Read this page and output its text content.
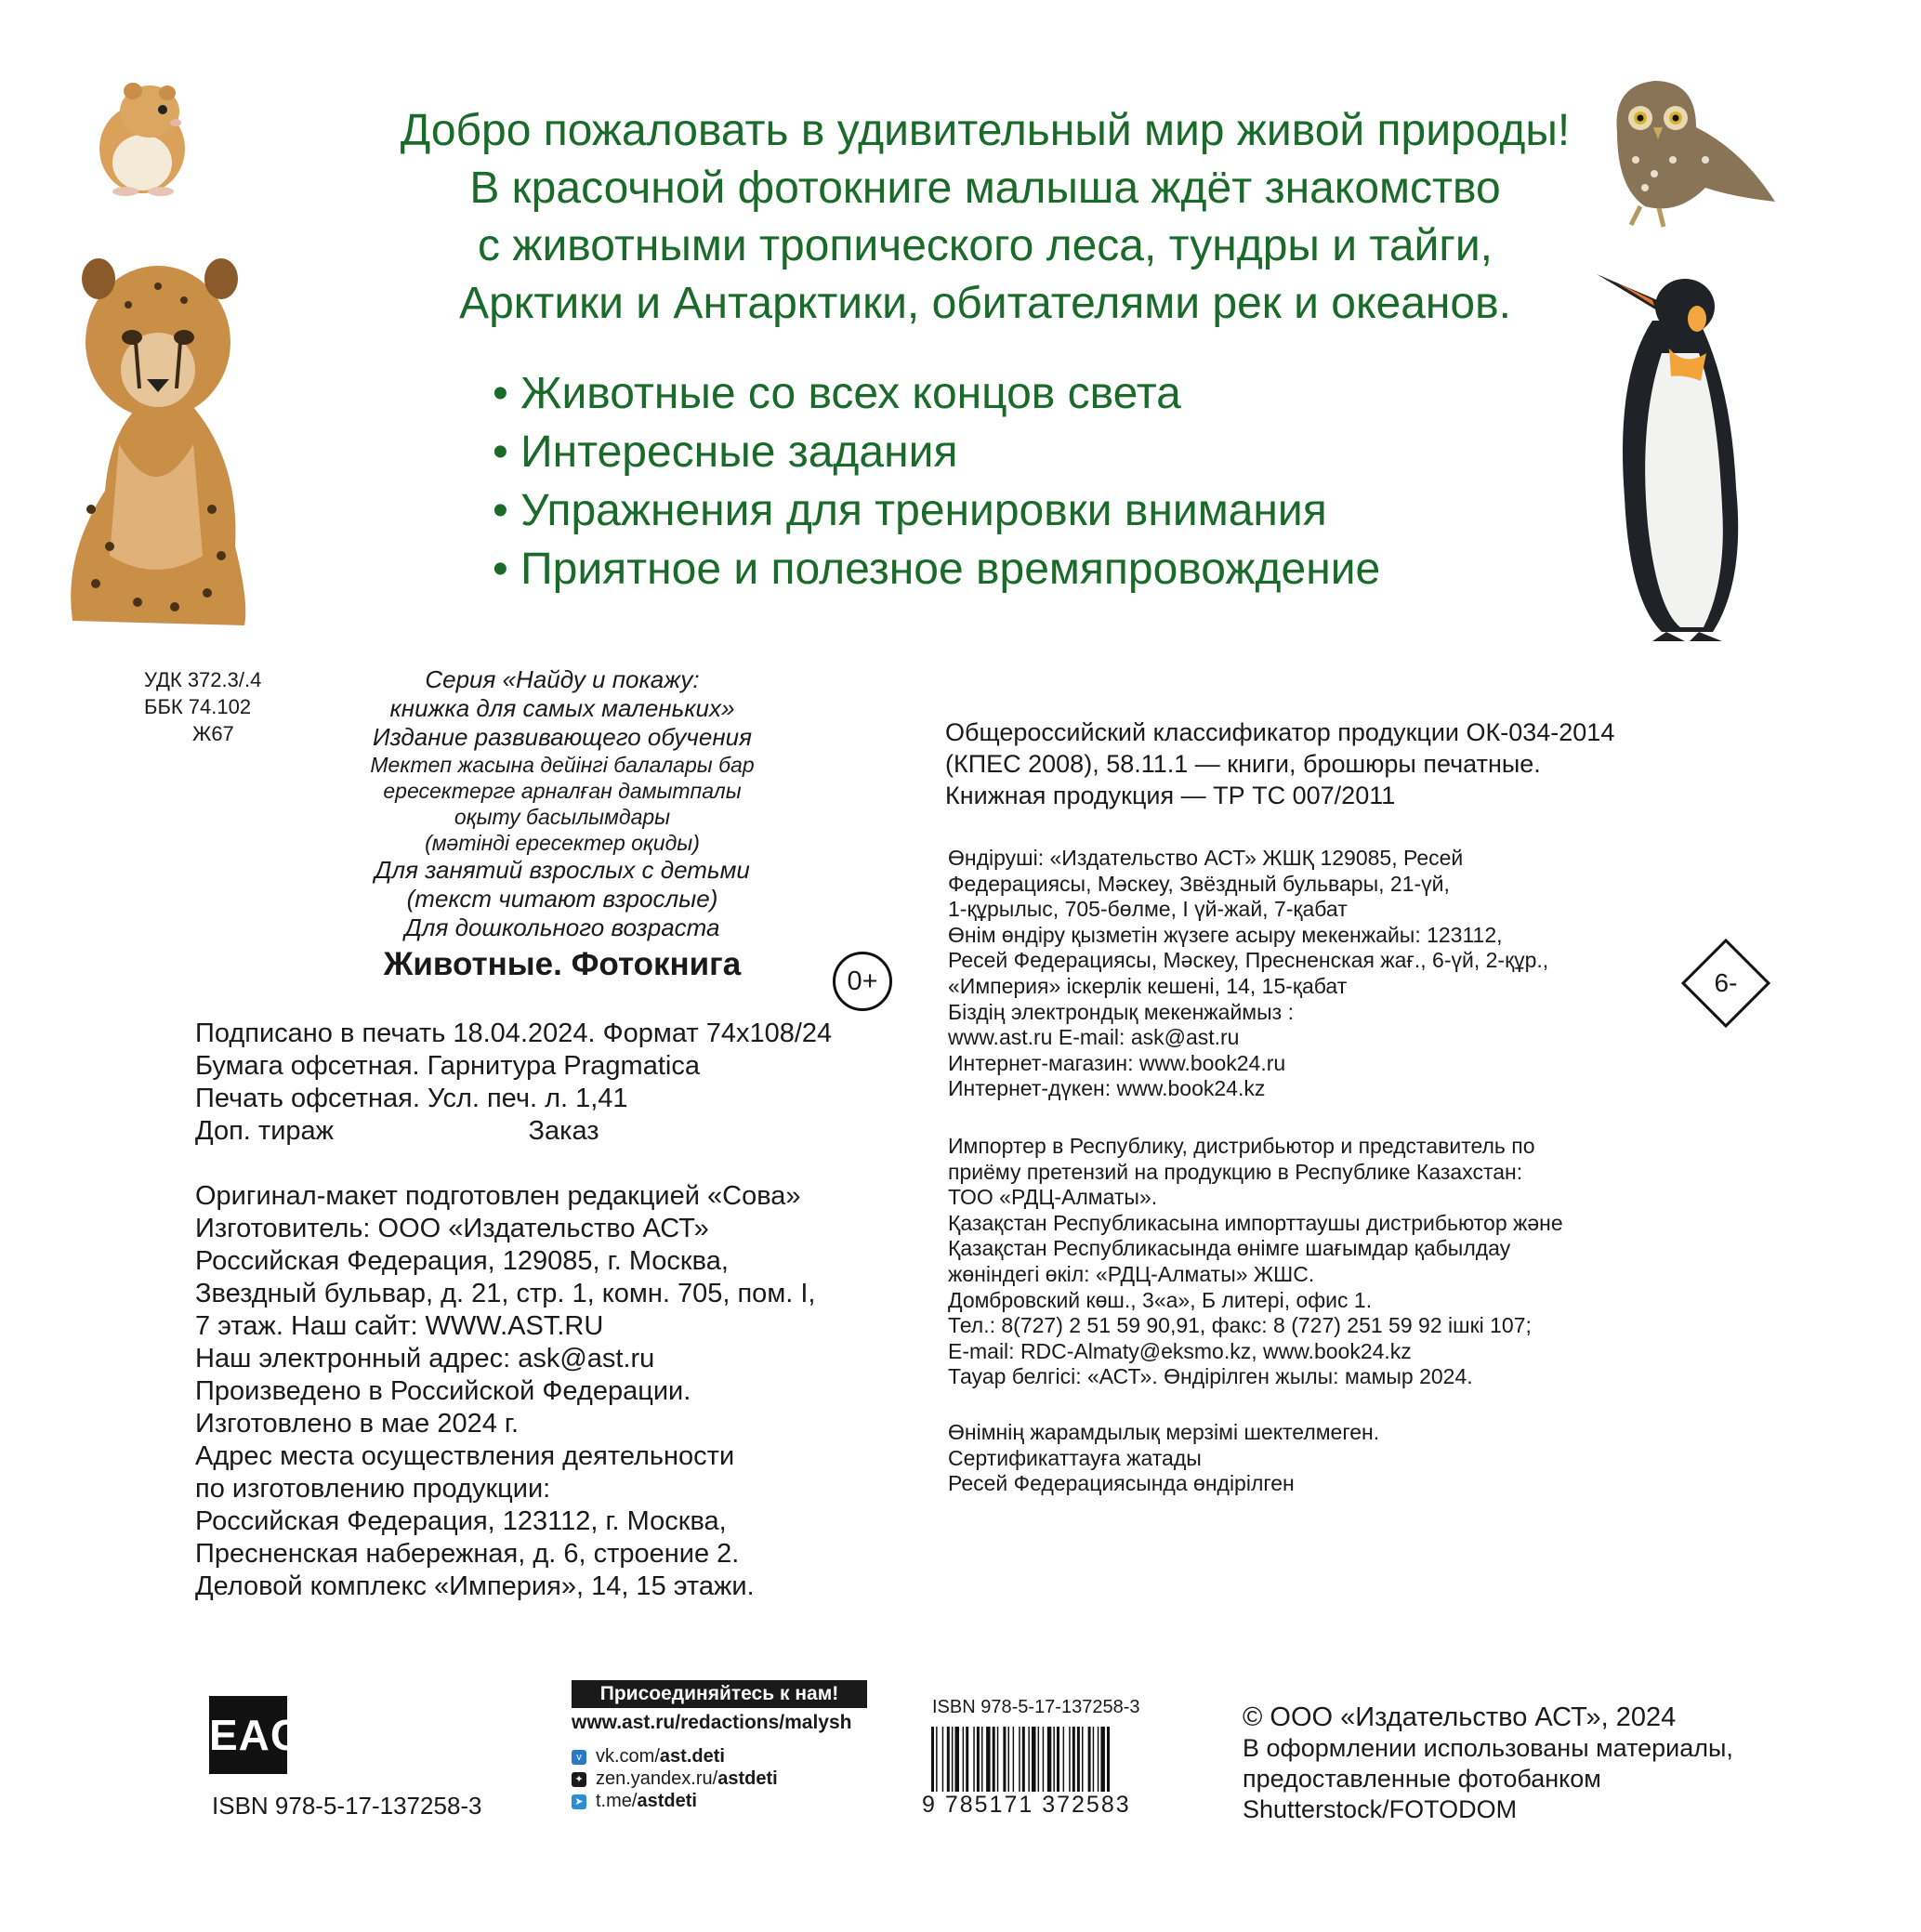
Добро пожаловать в удивительный мир живой природы!
В красочной фотокниге малыша ждёт знакомство
с животными тропического леса, тундры и тайги,
Арктики и Антарктики, обитателями рек и океанов.
• Животные со всех концов света
• Интересные задания
• Упражнения для тренировки внимания
• Приятное и полезное времяпровождение
УДК 372.3/.4
ББК 74.102
Ж67
Серия «Найду и покажу:
книжка для самых маленьких»
Издание развивающего обучения
Мектеп жасына дейінгі балалары бар
ересектерге арналған дамытпалы
оқыту басылымдары
(мәтінді ересектер оқиды)
Для занятий взрослых с детьми
(текст читают взрослые)
Для дошкольного возраста
Животные. Фотокнига	0+	6-
Подписано в печать 18.04.2024. Формат 74х108/24
Бумага офсетная. Гарнитура Pragmatica
Печать офсетная. Усл. печ. л. 1,41
Доп. тираж                          Заказ
Оригинал-макет подготовлен редакцией «Сова»
Изготовитель: ООО «Издательство АСТ»
Российская Федерация, 129085, г. Москва,
Звездный бульвар, д. 21, стр. 1, комн. 705, пом. I,
7 этаж. Наш сайт: WWW.AST.RU
Наш электронный адрес: ask@ast.ru
Произведено в Российской Федерации.
Изготовлено в мае 2024 г.
Адрес места осуществления деятельности
по изготовлению продукции:
Российская Федерация, 123112, г. Москва,
Пресненская набережная, д. 6, строение 2.
Деловой комплекс «Империя», 14, 15 этажи.
Общероссийский классификатор продукции ОК-034-2014
(КПЕС 2008), 58.11.1 — книги, брошюры печатные.
Книжная продукция — ТР ТС 007/2011
Өндіруші: «Издательство АСТ» ЖШҚ 129085, Ресей
Федерациясы, Мәскеу, Звёздный бульвары, 21-үй,
1-құрылыс, 705-бөлме, I үй-жай, 7-қабат
Өнім өндіру қызметін жүзеге асыру мекенжайы: 123112,
Ресей Федерациясы, Мәскеу, Пресненская жағ., 6-үй, 2-құр.,
«Империя» іскерлік кешені, 14, 15-қабат
Біздің электрондық мекенжаймыз :
www.ast.ru E-mail: ask@ast.ru
Интернет-магазин: www.book24.ru
Интернет-дүкен: www.book24.kz
Импортер в Республику, дистрибьютор и представитель по
приёму претензий на продукцию в Республике Казахстан:
ТОО «РДЦ-Алматы».
Қазақстан Республикасына импорттаушы дистрибьютор және
Қазақстан Республикасында өнімге шағымдар қабылдау
жөніндегі өкіл: «РДЦ-Алматы» ЖШС.
Домбровский көш., 3«а», Б литері, офис 1.
Тел.: 8(727) 2 51 59 90,91, факс: 8 (727) 251 59 92 ішкі 107;
E-mail: RDC-Almaty@eksmo.kz, www.book24.kz
Тауар белгісі: «АСТ». Өндірілген жылы: мамыр 2024.
Өнімнің жарамдылық мерзімі шектелмеген.
Сертификаттауға жатады
Ресей Федерациясында өндірілген
EAC
ISBN 978-5-17-137258-3
Присоединяйтесь к нам!
www.ast.ru/redactions/malysh
v vk.com/ast.deti
✦ zen.yandex.ru/astdeti
➤ t.me/astdeti
ISBN 978-5-17-137258-3
9 785171 372583
© ООО «Издательство АСТ», 2024
В оформлении использованы материалы,
предоставленные фотобанком
Shutterstock/FOTODOM
